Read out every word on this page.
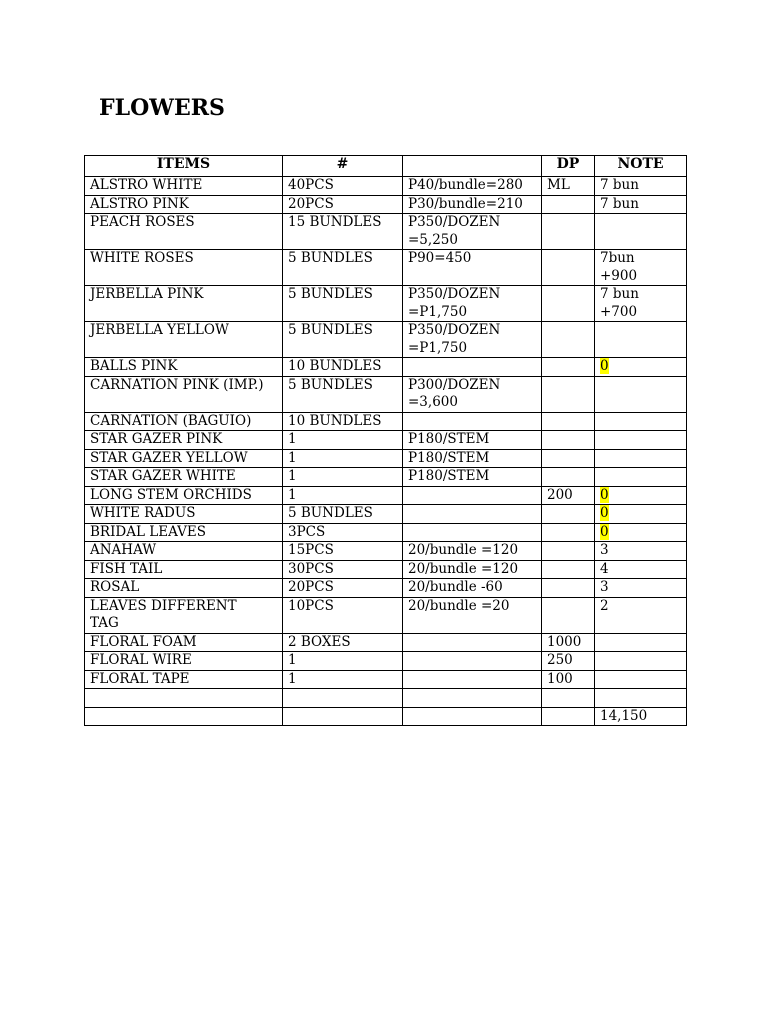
FLOWERS
ITEMS	#		DP	NOTE
ALSTRO WHITE	40PCS	P40/bundle=280	ML	7 bun
ALSTRO PINK	20PCS	P30/bundle=210		7 bun
PEACH ROSES	15 BUNDLES	P350/DOZEN
=5,250		
WHITE ROSES	5 BUNDLES	P90=450		7bun
+900
JERBELLA PINK	5 BUNDLES	P350/DOZEN
=P1,750		7 bun
+700
JERBELLA YELLOW	5 BUNDLES	P350/DOZEN
=P1,750		
BALLS PINK	10 BUNDLES			0
CARNATION PINK (IMP.)	5 BUNDLES	P300/DOZEN
=3,600		
CARNATION (BAGUIO)	10 BUNDLES			
STAR GAZER PINK	1	P180/STEM		
STAR GAZER YELLOW	1	P180/STEM		
STAR GAZER WHITE	1	P180/STEM		
LONG STEM ORCHIDS	1		200	0
WHITE RADUS	5 BUNDLES			0
BRIDAL LEAVES	3PCS			0
ANAHAW	15PCS	20/bundle =120		3
FISH TAIL	30PCS	20/bundle =120		4
ROSAL	20PCS	20/bundle -60		3
LEAVES DIFFERENT
TAG	10PCS	20/bundle =20		2
FLORAL FOAM	2 BOXES		1000	
FLORAL WIRE	1		250	
FLORAL TAPE	1		100	

				14,150
